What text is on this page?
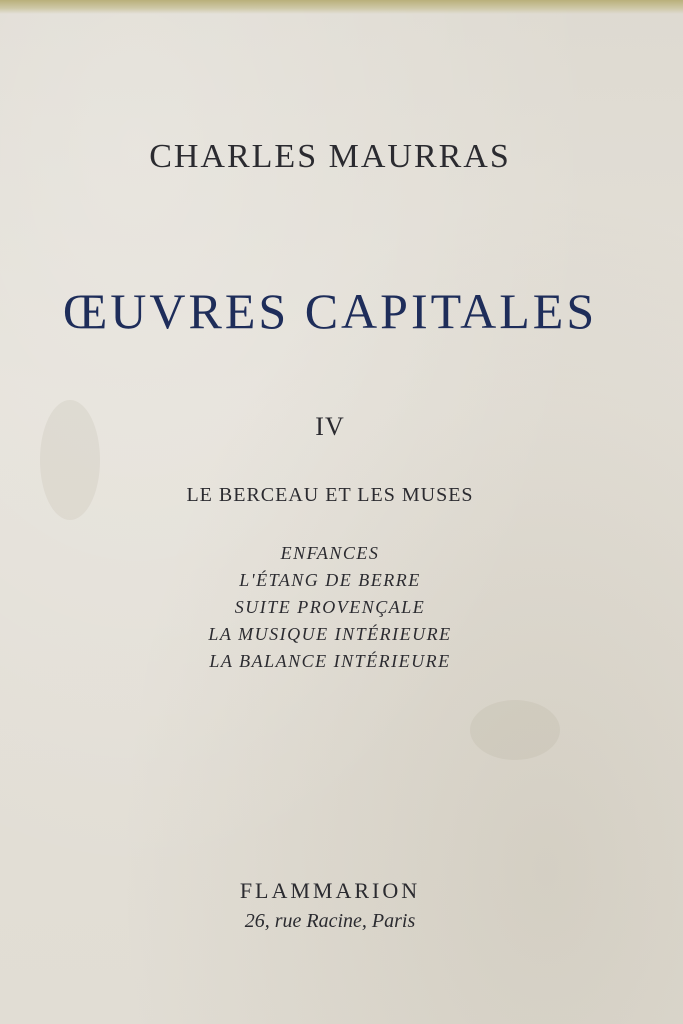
CHARLES MAURRAS
ŒUVRES CAPITALES
IV
LE BERCEAU ET LES MUSES
ENFANCES
L'ÉTANG DE BERRE
SUITE PROVENÇALE
LA MUSIQUE INTÉRIEURE
LA BALANCE INTÉRIEURE
FLAMMARION
26, rue Racine, Paris
